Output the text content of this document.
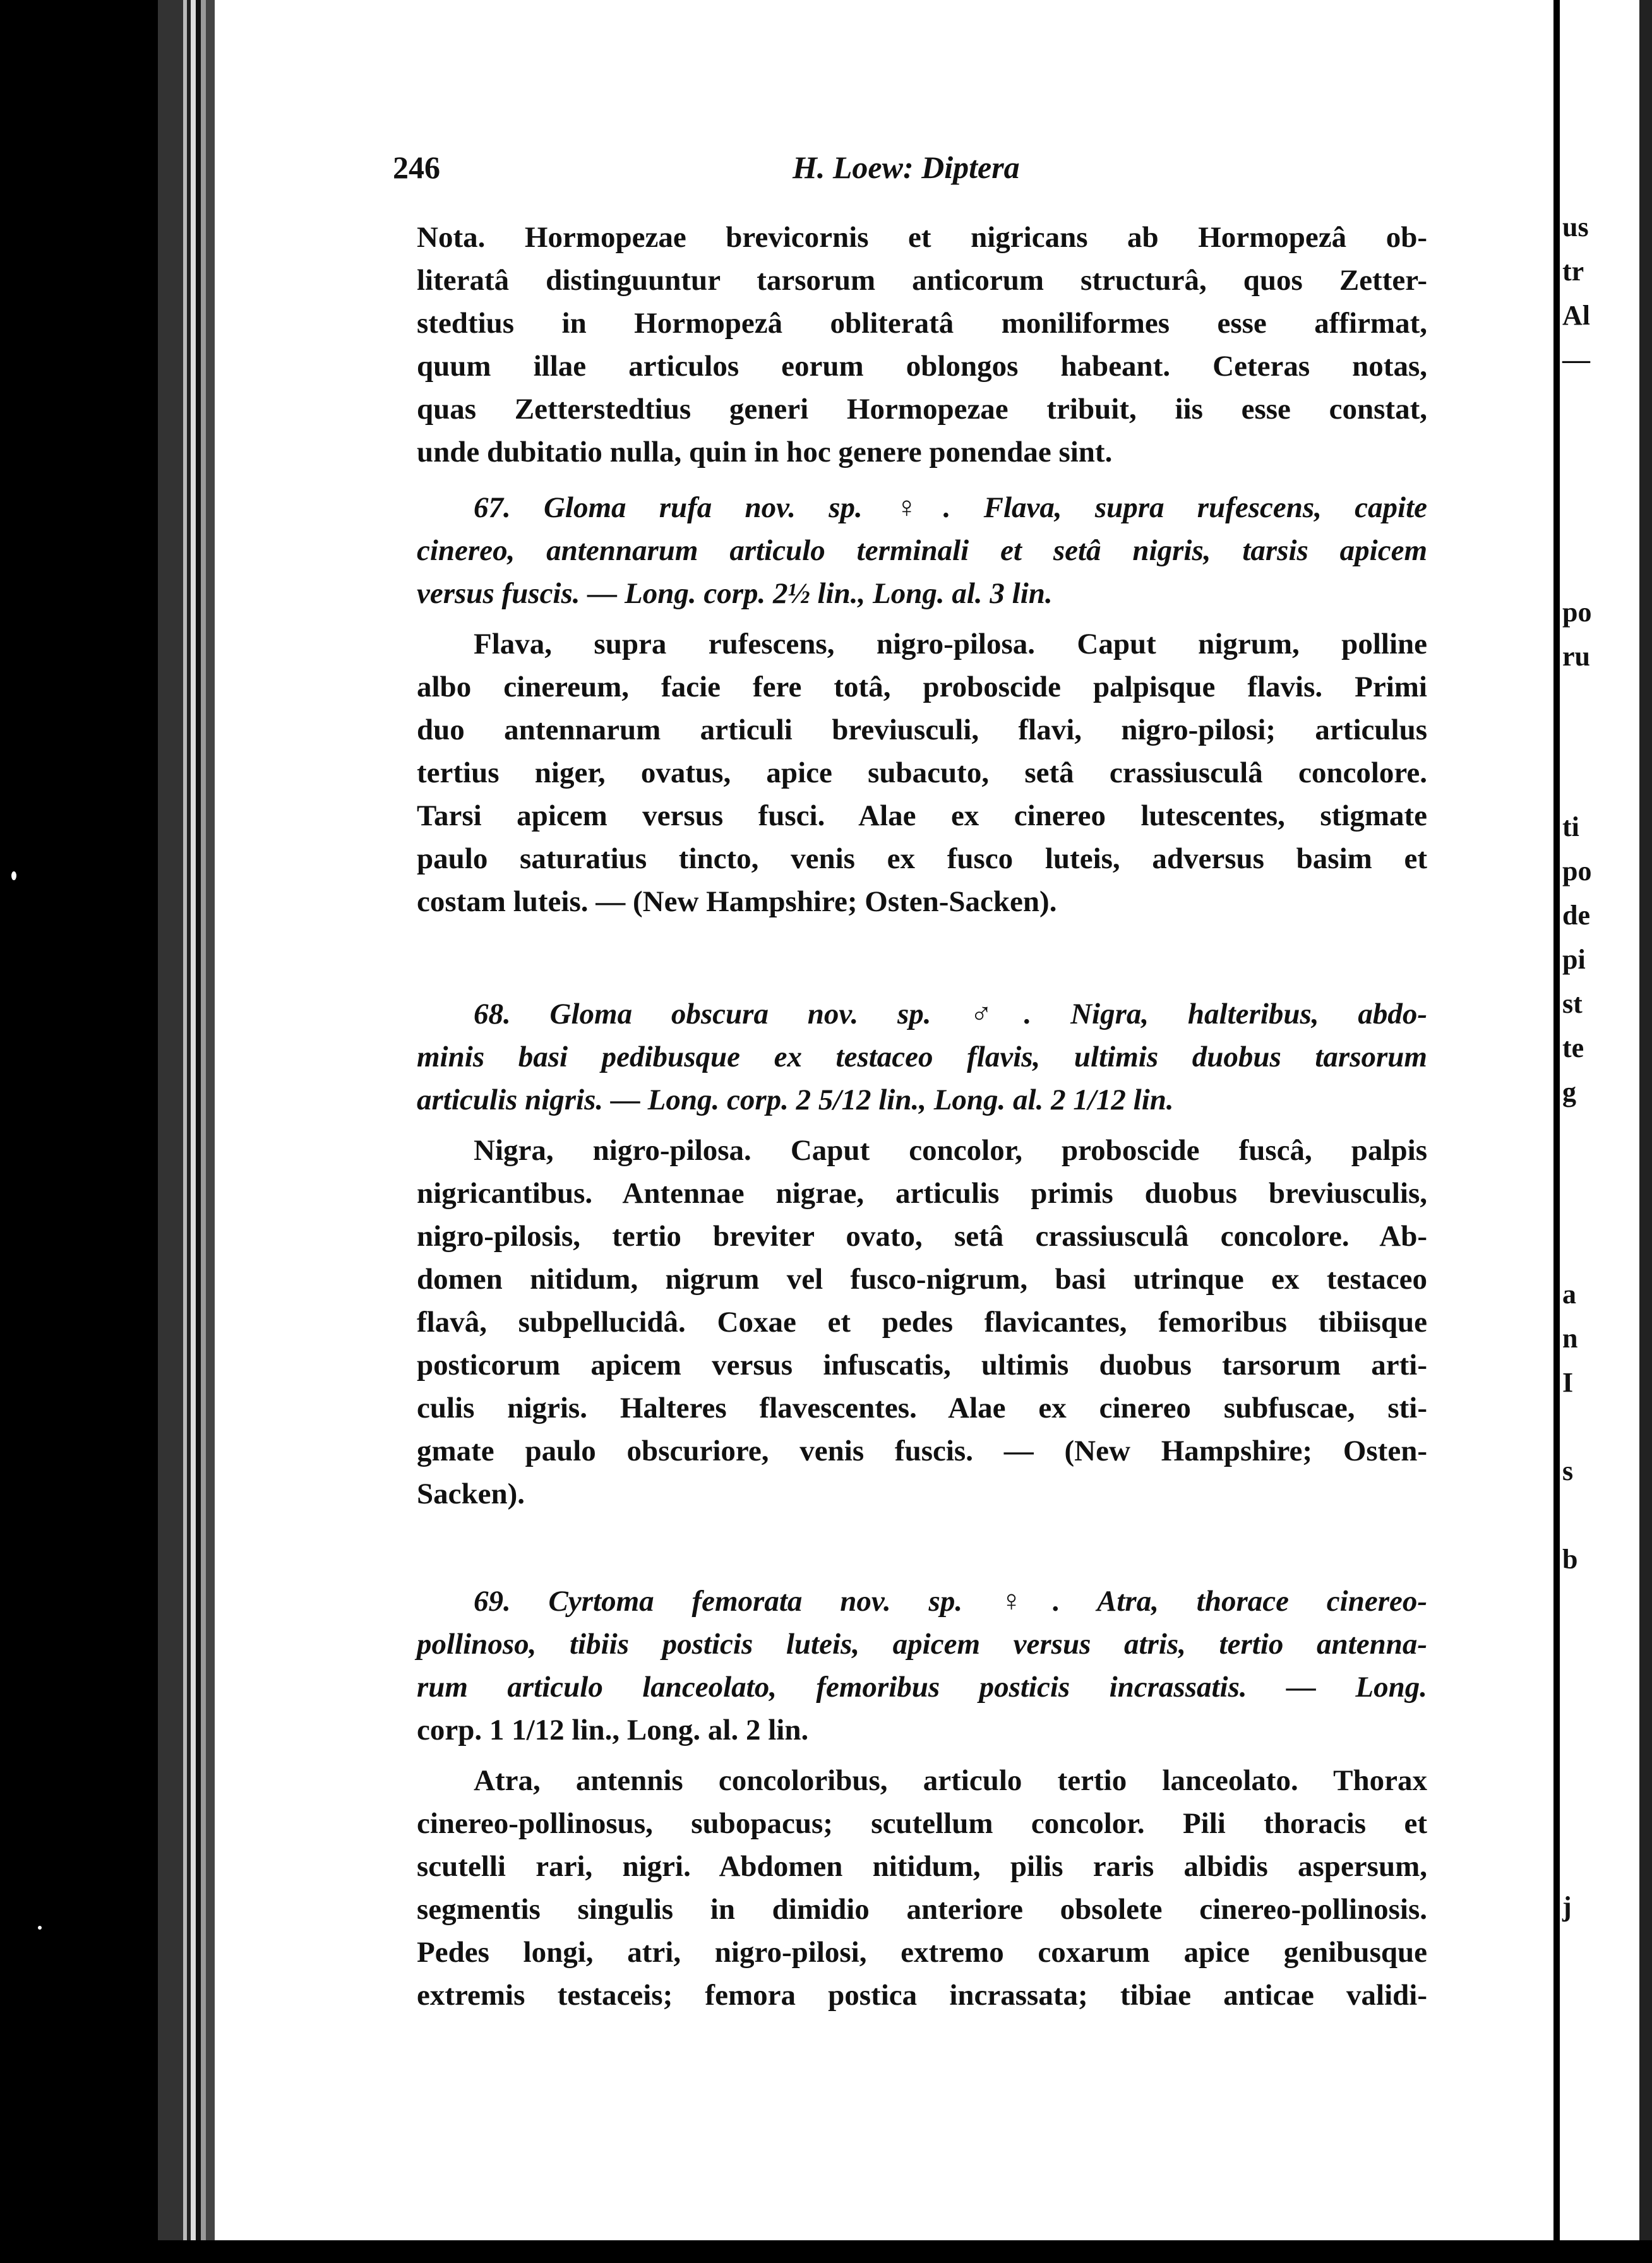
246	H. Loew: Diptera

Nota. Hormopezae brevicornis et nigricans ab Hormopezâ ob-

literatâ distinguuntur tarsorum anticorum structurâ, quos Zetter-

stedtius in Hormopezâ obliteratâ moniliformes esse affirmat,

quum illae articulos eorum oblongos habeant. Ceteras notas,

quas Zetterstedtius generi Hormopezae tribuit, iis esse constat,

unde dubitatio nulla, quin in hoc genere ponendae sint.

67. Gloma rufa nov. sp. ♀. Flava, supra rufescens, capite

cinereo, antennarum articulo terminali et setâ nigris, tarsis apicem

versus fuscis. — Long. corp. 2½ lin., Long. al. 3 lin.

Flava, supra rufescens, nigro-pilosa. Caput nigrum, polline

albo cinereum, facie fere totâ, proboscide palpisque flavis. Primi

duo antennarum articuli breviusculi, flavi, nigro-pilosi; articulus

tertius niger, ovatus, apice subacuto, setâ crassiusculâ concolore.

Tarsi apicem versus fusci. Alae ex cinereo lutescentes, stigmate

paulo saturatius tincto, venis ex fusco luteis, adversus basim et

costam luteis. — (New Hampshire; Osten-Sacken).

68. Gloma obscura nov. sp. ♂. Nigra, halteribus, abdo-

minis basi pedibusque ex testaceo flavis, ultimis duobus tarsorum

articulis nigris. — Long. corp. 2 5/12 lin., Long. al. 2 1/12 lin.

Nigra, nigro-pilosa. Caput concolor, proboscide fuscâ, palpis

nigricantibus. Antennae nigrae, articulis primis duobus breviusculis,

nigro-pilosis, tertio breviter ovato, setâ crassiusculâ concolore. Ab-

domen nitidum, nigrum vel fusco-nigrum, basi utrinque ex testaceo

flavâ, subpellucidâ. Coxae et pedes flavicantes, femoribus tibiisque

posticorum apicem versus infuscatis, ultimis duobus tarsorum arti-

culis nigris. Halteres flavescentes. Alae ex cinereo subfuscae, sti-

gmate paulo obscuriore, venis fuscis. — (New Hampshire; Osten-

Sacken).

69. Cyrtoma femorata nov. sp. ♀. Atra, thorace cinereo-

pollinoso, tibiis posticis luteis, apicem versus atris, tertio antenna-

rum articulo lanceolato, femoribus posticis incrassatis. — Long.

corp. 1 1/12 lin., Long. al. 2 lin.

Atra, antennis concoloribus, articulo tertio lanceolato. Thorax

cinereo-pollinosus, subopacus; scutellum concolor. Pili thoracis et

scutelli rari, nigri. Abdomen nitidum, pilis raris albidis aspersum,

segmentis singulis in dimidio anteriore obsolete cinereo-pollinosis.

Pedes longi, atri, nigro-pilosi, extremo coxarum apice genibusque

extremis testaceis; femora postica incrassata; tibiae anticae validi-

us
tr
Al
—
po
ru
ti
po
de
pi
st
te
g
a
n
I
s
b
j
